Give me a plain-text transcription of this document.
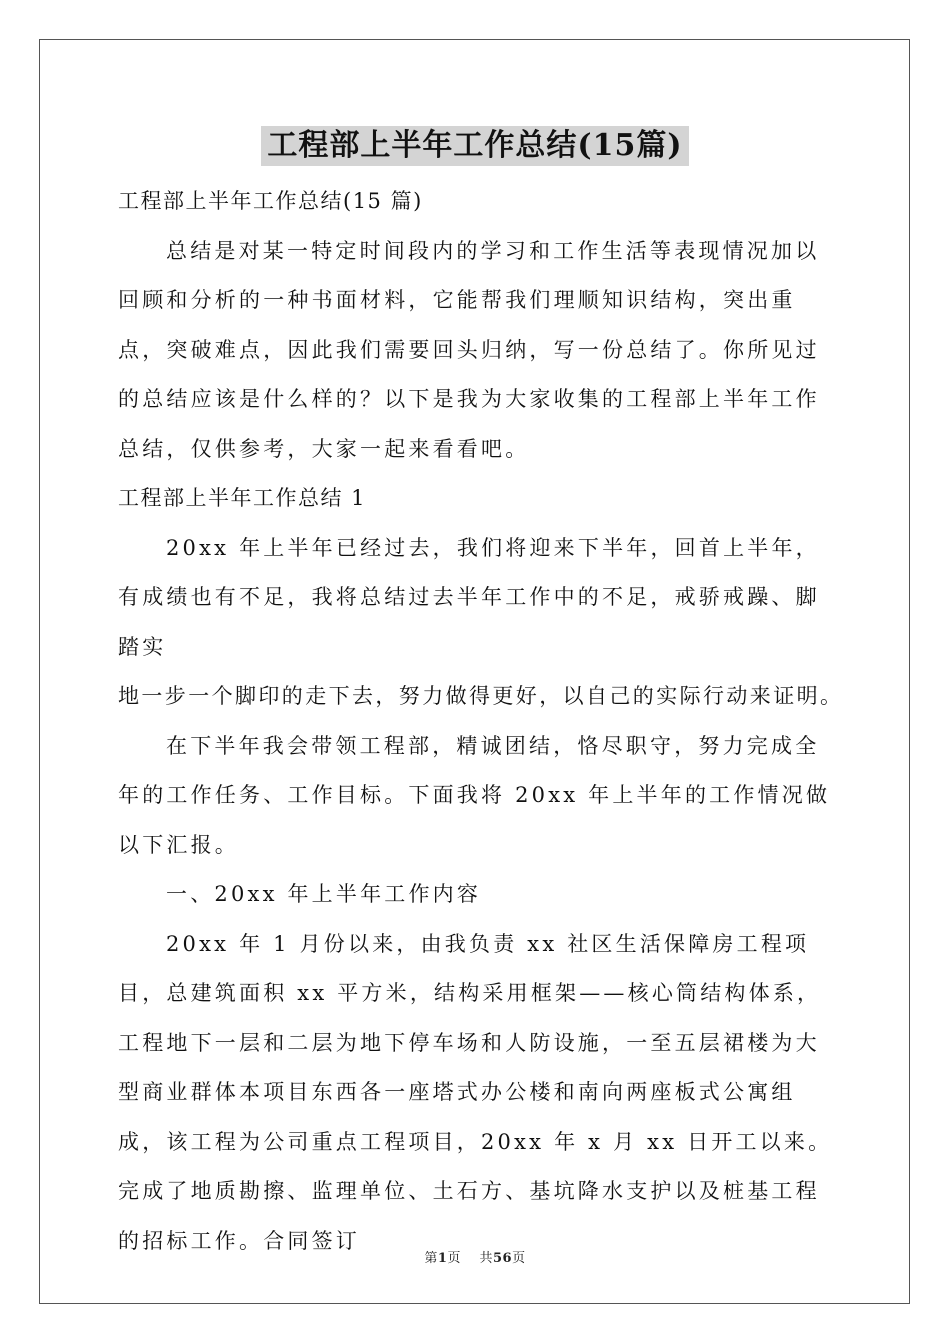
工程部上半年工作总结(15篇)

工程部上半年工作总结(15 篇)

总结是对某一特定时间段内的学习和工作生活等表现情况加以回顾和分析的一种书面材料，它能帮我们理顺知识结构，突出重点，突破难点，因此我们需要回头归纳，写一份总结了。你所见过的总结应该是什么样的？以下是我为大家收集的工程部上半年工作总结，仅供参考，大家一起来看看吧。

工程部上半年工作总结 1

20xx 年上半年已经过去，我们将迎来下半年，回首上半年，有成绩也有不足，我将总结过去半年工作中的不足，戒骄戒躁、脚踏实

地一步一个脚印的走下去，努力做得更好，以自己的实际行动来证明。

在下半年我会带领工程部，精诚团结，恪尽职守，努力完成全年的工作任务、工作目标。下面我将 20xx 年上半年的工作情况做以下汇报。

一、20xx 年上半年工作内容

20xx 年 1 月份以来，由我负责 xx 社区生活保障房工程项目，总建筑面积 xx 平方米，结构采用框架——核心筒结构体系，工程地下一层和二层为地下停车场和人防设施，一至五层裙楼为大型商业群体本项目东西各一座塔式办公楼和南向两座板式公寓组成，该工程为公司重点工程项目，20xx 年 x 月 xx 日开工以来。完成了地质勘擦、监理单位、土石方、基坑降水支护以及桩基工程的招标工作。合同签订

第1页    共56页
